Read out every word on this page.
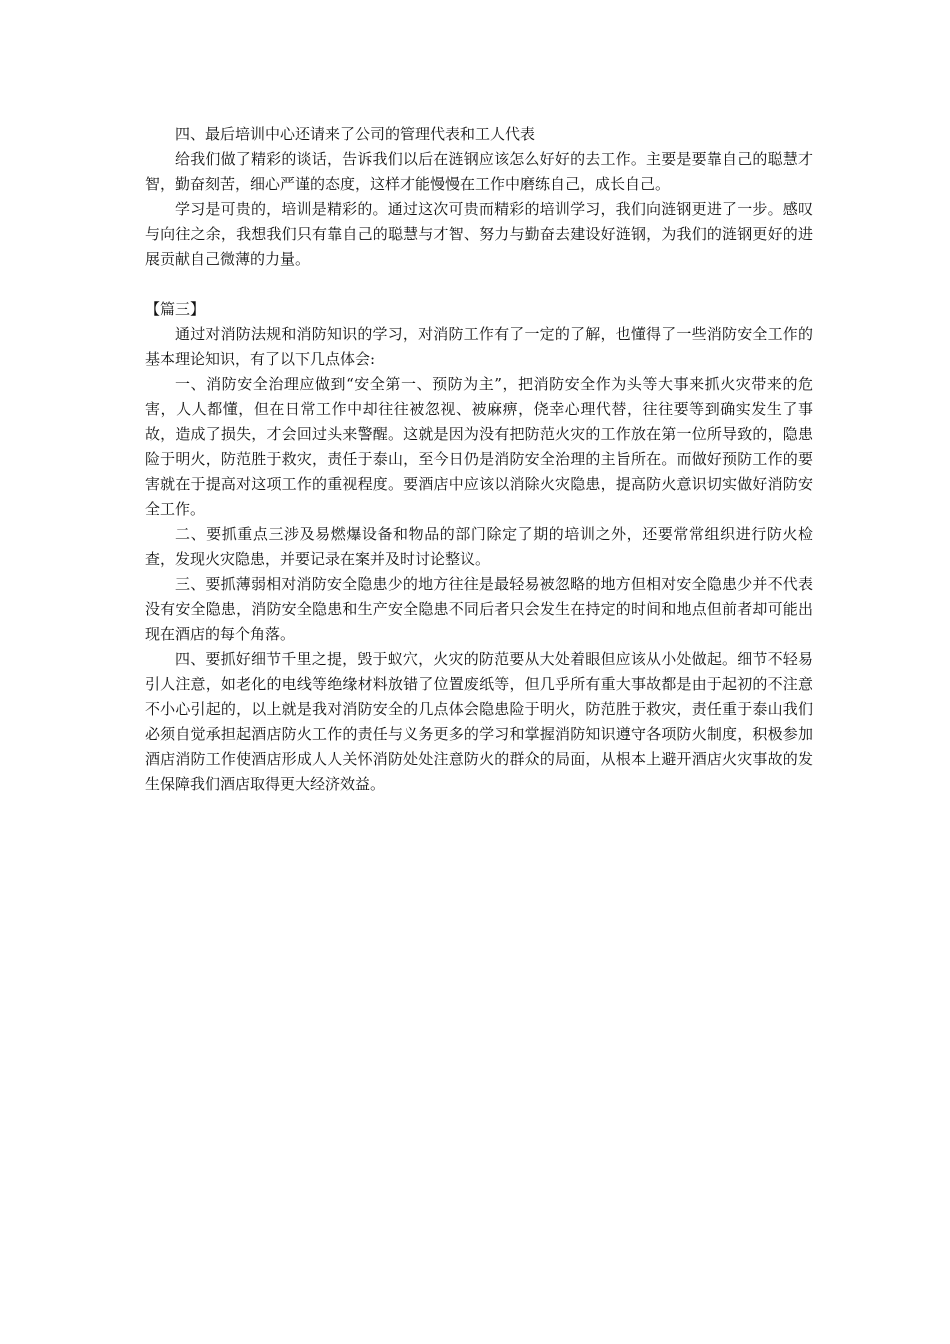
四、最后培训中心还请来了公司的管理代表和工人代表

给我们做了精彩的谈话，告诉我们以后在涟钢应该怎么好好的去工作。主要是要靠自己的聪慧才智，勤奋刻苦，细心严谨的态度，这样才能慢慢在工作中磨练自己，成长自己。

学习是可贵的，培训是精彩的。通过这次可贵而精彩的培训学习，我们向涟钢更进了一步。感叹与向往之余，我想我们只有靠自己的聪慧与才智、努力与勤奋去建设好涟钢，为我们的涟钢更好的进展贡献自己微薄的力量。

【篇三】

通过对消防法规和消防知识的学习，对消防工作有了一定的了解，也懂得了一些消防安全工作的基本理论知识，有了以下几点体会:

一、消防安全治理应做到“安全第一、预防为主”，把消防安全作为头等大事来抓火灾带来的危害，人人都懂，但在日常工作中却往往被忽视、被麻痹，侥幸心理代替，往往要等到确实发生了事故，造成了损失，才会回过头来警醒。这就是因为没有把防范火灾的工作放在第一位所导致的，隐患险于明火，防范胜于救灾，责任于泰山，至今日仍是消防安全治理的主旨所在。而做好预防工作的要害就在于提高对这项工作的重视程度。要酒店中应该以消除火灾隐患，提高防火意识切实做好消防安全工作。

二、要抓重点三涉及易燃爆设备和物品的部门除定了期的培训之外，还要常常组织进行防火检查，发现火灾隐患，并要记录在案并及时讨论整议。

三、要抓薄弱相对消防安全隐患少的地方往往是最轻易被忽略的地方但相对安全隐患少并不代表没有安全隐患，消防安全隐患和生产安全隐患不同后者只会发生在持定的时间和地点但前者却可能出现在酒店的每个角落。

四、要抓好细节千里之提，毁于蚁穴，火灾的防范要从大处着眼但应该从小处做起。细节不轻易引人注意，如老化的电线等绝缘材料放错了位置废纸等，但几乎所有重大事故都是由于起初的不注意不小心引起的，以上就是我对消防安全的几点体会隐患险于明火，防范胜于救灾，责任重于泰山我们必须自觉承担起酒店防火工作的责任与义务更多的学习和掌握消防知识遵守各项防火制度，积极参加酒店消防工作使酒店形成人人关怀消防处处注意防火的群众的局面，从根本上避开酒店火灾事故的发生保障我们酒店取得更大经济效益。
